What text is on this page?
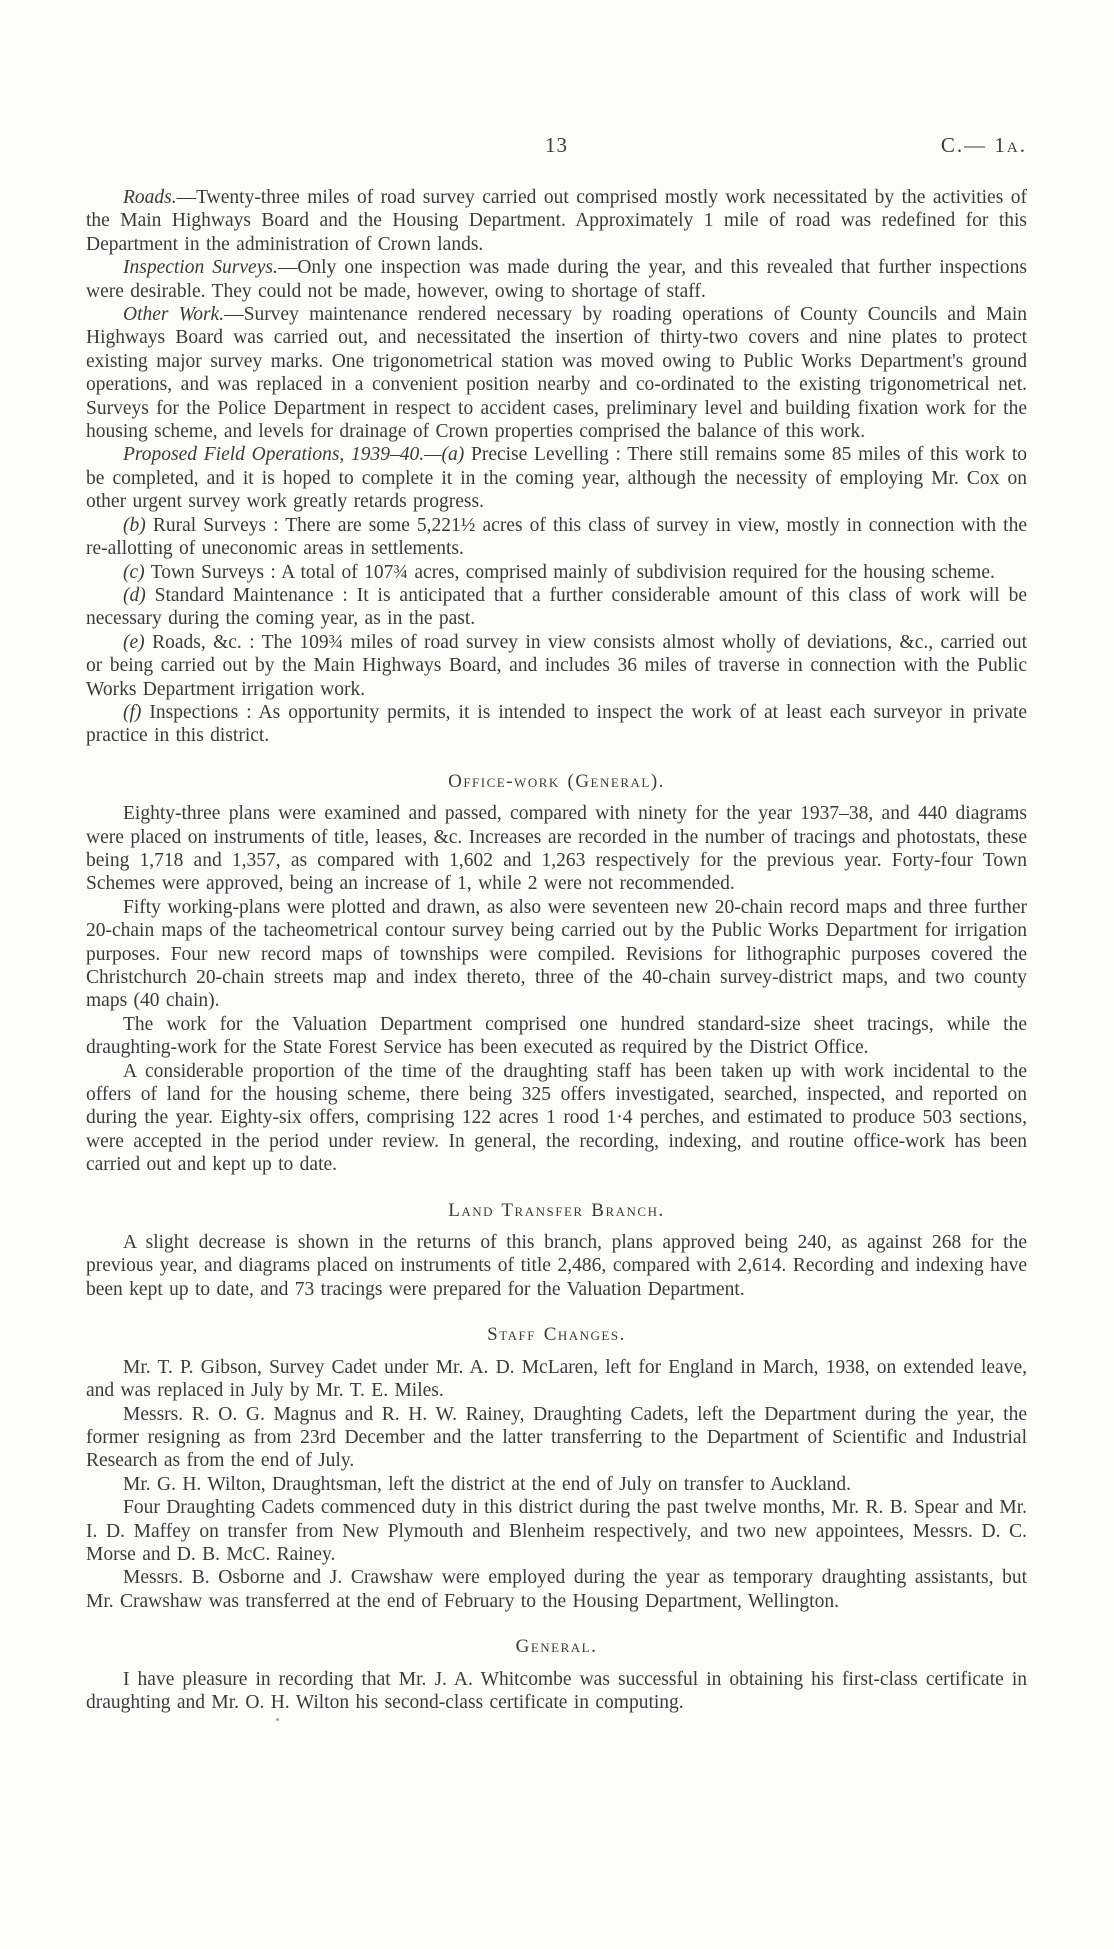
13	C.— 1a.

Roads.—Twenty-three miles of road survey carried out comprised mostly work necessitated by the activities of the Main Highways Board and the Housing Department. Approximately 1 mile of road was redefined for this Department in the administration of Crown lands.

Inspection Surveys.—Only one inspection was made during the year, and this revealed that further inspections were desirable. They could not be made, however, owing to shortage of staff.

Other Work.—Survey maintenance rendered necessary by roading operations of County Councils and Main Highways Board was carried out, and necessitated the insertion of thirty-two covers and nine plates to protect existing major survey marks. One trigonometrical station was moved owing to Public Works Department's ground operations, and was replaced in a convenient position nearby and co-ordinated to the existing trigonometrical net. Surveys for the Police Department in respect to accident cases, preliminary level and building fixation work for the housing scheme, and levels for drainage of Crown properties comprised the balance of this work.

Proposed Field Operations, 1939–40.—(a) Precise Levelling : There still remains some 85 miles of this work to be completed, and it is hoped to complete it in the coming year, although the necessity of employing Mr. Cox on other urgent survey work greatly retards progress.

(b) Rural Surveys : There are some 5,221½ acres of this class of survey in view, mostly in connection with the re-allotting of uneconomic areas in settlements.

(c) Town Surveys : A total of 107¾ acres, comprised mainly of subdivision required for the housing scheme.

(d) Standard Maintenance : It is anticipated that a further considerable amount of this class of work will be necessary during the coming year, as in the past.

(e) Roads, &c. : The 109¾ miles of road survey in view consists almost wholly of deviations, &c., carried out or being carried out by the Main Highways Board, and includes 36 miles of traverse in connection with the Public Works Department irrigation work.

(f) Inspections : As opportunity permits, it is intended to inspect the work of at least each surveyor in private practice in this district.

Office-work (General).

Eighty-three plans were examined and passed, compared with ninety for the year 1937–38, and 440 diagrams were placed on instruments of title, leases, &c. Increases are recorded in the number of tracings and photostats, these being 1,718 and 1,357, as compared with 1,602 and 1,263 respectively for the previous year. Forty-four Town Schemes were approved, being an increase of 1, while 2 were not recommended.

Fifty working-plans were plotted and drawn, as also were seventeen new 20-chain record maps and three further 20-chain maps of the tacheometrical contour survey being carried out by the Public Works Department for irrigation purposes. Four new record maps of townships were compiled. Revisions for lithographic purposes covered the Christchurch 20-chain streets map and index thereto, three of the 40-chain survey-district maps, and two county maps (40 chain).

The work for the Valuation Department comprised one hundred standard-size sheet tracings, while the draughting-work for the State Forest Service has been executed as required by the District Office.

A considerable proportion of the time of the draughting staff has been taken up with work incidental to the offers of land for the housing scheme, there being 325 offers investigated, searched, inspected, and reported on during the year. Eighty-six offers, comprising 122 acres 1 rood 1·4 perches, and estimated to produce 503 sections, were accepted in the period under review. In general, the recording, indexing, and routine office-work has been carried out and kept up to date.

Land Transfer Branch.

A slight decrease is shown in the returns of this branch, plans approved being 240, as against 268 for the previous year, and diagrams placed on instruments of title 2,486, compared with 2,614. Recording and indexing have been kept up to date, and 73 tracings were prepared for the Valuation Department.

Staff Changes.

Mr. T. P. Gibson, Survey Cadet under Mr. A. D. McLaren, left for England in March, 1938, on extended leave, and was replaced in July by Mr. T. E. Miles.

Messrs. R. O. G. Magnus and R. H. W. Rainey, Draughting Cadets, left the Department during the year, the former resigning as from 23rd December and the latter transferring to the Department of Scientific and Industrial Research as from the end of July.

Mr. G. H. Wilton, Draughtsman, left the district at the end of July on transfer to Auckland.

Four Draughting Cadets commenced duty in this district during the past twelve months, Mr. R. B. Spear and Mr. I. D. Maffey on transfer from New Plymouth and Blenheim respectively, and two new appointees, Messrs. D. C. Morse and D. B. McC. Rainey.

Messrs. B. Osborne and J. Crawshaw were employed during the year as temporary draughting assistants, but Mr. Crawshaw was transferred at the end of February to the Housing Department, Wellington.

General.

I have pleasure in recording that Mr. J. A. Whitcombe was successful in obtaining his first-class certificate in draughting and Mr. O. H. Wilton his second-class certificate in computing.
